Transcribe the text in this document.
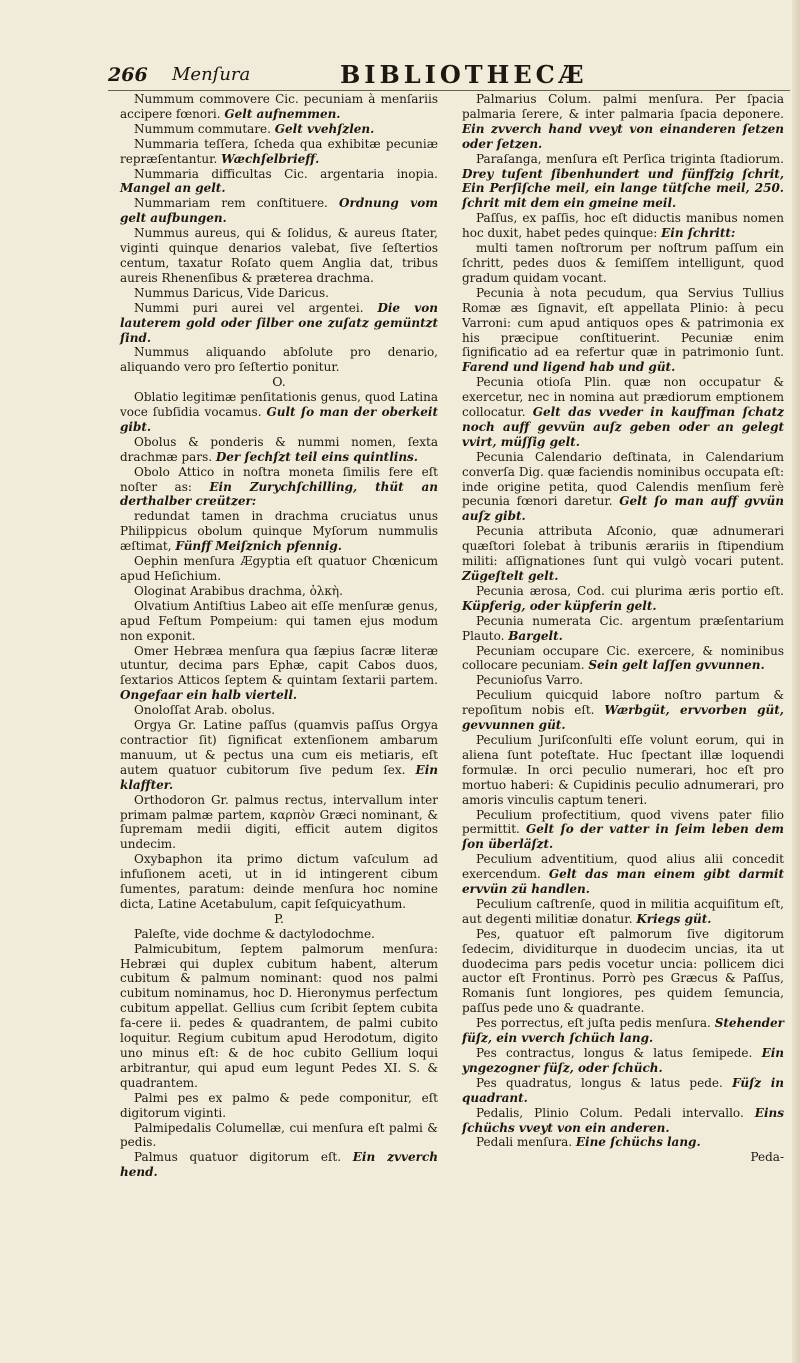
266 Menſura	BIBLIOTHECÆ

Nummum commovere Cic. pecuniam à menſariis accipere fœnori. Gelt aufnemmen.

Nummum commutare. Gelt vvehſzlen.

Nummaria teſſera, ſcheda qua exhibitæ pecuniæ repræſentantur. Wæchſelbrieff.

Nummaria difficultas Cic. argentaria inopia. Mangel an gelt.

Nummariam rem conſtituere. Ordnung vom gelt aufbungen.

Nummus aureus, qui & ſolidus, & aureus ſtater, viginti quinque denarios valebat, ſive ſeſtertios centum, taxatur Roſato quem Anglia dat, tribus aureis Rhenenſibus & præterea drachma.

Nummus Daricus, Vide Daricus.

Nummi puri aurei vel argentei. Die von lauterem gold oder ſilber one zuſatz gemüntzt ſind.

Nummus aliquando abſolute pro denario, aliquando vero pro ſeſtertio ponitur.

O.

Oblatio legitimæ penſitationis genus, quod Latina voce ſubſidia vocamus. Gult ſo man der oberkeit gibt.

Obolus & ponderis & nummi nomen, ſexta drachmæ pars. Der ſechſzt teil eins quintlins.

Obolo Attico in noſtra moneta ſimilis fere eſt noſter as: Ein Zurychſchilling, thüt an derthalber creützer:

redundat tamen in drachma cruciatus unus Philippicus obolum quinque Myſorum nummulis æſtimat, Fünff Meiſznich pfennig.

Oephin menſura Ægyptia eſt quatuor Chœnicum apud Heſichium.

Ologinat Arabibus drachma, ὁλκὴ.

Olvatium Antiſtius Labeo ait eſſe menſuræ genus, apud Feſtum Pompeium: qui tamen ejus modum non exponit.

Omer Hebræa menſura qua ſæpius ſacræ literæ utuntur, decima pars Ephæ, capit Cabos duos, ſextarios Atticos ſeptem & quintam ſextarii partem. Ongefaar ein halb viertell.

Onoloſſat Arab. obolus.

Orgya Gr. Latine paſſus (quamvis paſſus Orgya contractior ſit) ſignificat extenſionem ambarum manuum, ut & pectus una cum eis metiaris, eſt autem quatuor cubitorum ſive pedum ſex. Ein klaffter.

Orthodoron Gr. palmus rectus, intervallum inter primam palmæ partem, καρπὸν Græci nominant, & ſupremam medii digiti, efficit autem digitos undecim.

Oxybaphon ita primo dictum vaſculum ad infuſionem aceti, ut in id intingerent cibum ſumentes, paratum: deinde menſura hoc nomine dicta, Latine Acetabulum, capit ſeſquicyathum.

P.

Paleſte, vide dochme & dactylodochme.

Palmicubitum, ſeptem palmorum menſura: Hebræi qui duplex cubitum habent, alterum cubitum & palmum nominant: quod nos palmi cubitum nominamus, hoc D. Hieronymus perfectum cubitum appellat. Gellius cum ſcribit ſeptem cubita fa-cere ii. pedes & quadrantem, de palmi cubito loquitur. Regium cubitum apud Herodotum, digito uno minus eſt: & de hoc cubito Gellium loqui arbitrantur, qui apud eum legunt Pedes XI. S. & quadrantem.

Palmi pes ex palmo & pede componitur, eſt digitorum viginti.

Palmipedalis Columellæ, cui menſura eſt palmi & pedis.

Palmus quatuor digitorum eſt. Ein zvverch hend.

Palmarius Colum. palmi menſura. Per ſpacia palmaria ſerere, & inter palmaria ſpacia deponere. Ein zvverch hand vveyt von einanderen ſetzen oder ſetzen.

Paraſanga, menſura eſt Perſica triginta ſtadiorum. Drey tuſent ſibenhundert und fünffzig ſchrit, Ein Perſiſche meil, ein lange tütſche meil, 250. ſchrit mit dem ein gmeine meil.

Paſſus, ex paſſis, hoc eſt diductis manibus nomen hoc duxit, habet pedes quinque: Ein ſchritt:

multi tamen noſtrorum per noſtrum paſſum ein ſchritt, pedes duos & ſemiſſem intelligunt, quod gradum quidam vocant.

Pecunia à nota pecudum, qua Servius Tullius Romæ æs ſignavit, eſt appellata Plinio: à pecu Varroni: cum apud antiquos opes & patrimonia ex his præcipue conſtituerint. Pecuniæ enim ſignificatio ad ea refertur quæ in patrimonio ſunt. Farend und ligend hab und güt.

Pecunia otioſa Plin. quæ non occupatur & exercetur, nec in nomina aut prædiorum emptionem collocatur. Gelt das vveder in kauffman ſchatz noch auff gevvün auſz geben oder an gelegt vvirt, müſſig gelt.

Pecunia Calendario deſtinata, in Calendarium converſa Dig. quæ faciendis nominibus occupata eſt: inde origine petita, quod Calendis menſium ferè pecunia fœnori daretur. Gelt ſo man auff gvvün auſz gibt.

Pecunia attributa Aſconio, quæ adnumerari quæſtori ſolebat à tribunis ærariis in ſtipendium militi: aſſignationes ſunt qui vulgò vocari putent. Zügeſtelt gelt.

Pecunia ærosa, Cod. cui plurima æris portio eſt. Küpferig, oder küpferin gelt.

Pecunia numerata Cic. argentum præſentarium Plauto. Bargelt.

Pecuniam occupare Cic. exercere, & nominibus collocare pecuniam. Sein gelt laſſen gvvunnen.

Pecunioſus Varro.

Peculium quicquid labore noſtro partum & repoſitum nobis eſt. Wærbgüt, ervvorben güt, gevvunnen güt.

Peculium Juriſconſulti eſſe volunt eorum, qui in aliena ſunt poteſtate. Huc ſpectant illæ loquendi formulæ. In orci peculio numerari, hoc eſt pro mortuo haberi: & Cupidinis peculio adnumerari, pro amoris vinculis captum teneri.

Peculium profectitium, quod vivens pater filio permittit. Gelt ſo der vatter in ſeim leben dem ſon überläſzt.

Peculium adventitium, quod alius alii concedit exercendum. Gelt das man einem gibt darmit ervvün zü handlen.

Peculium caſtrenſe, quod in militia acquiſitum eſt, aut degenti militiæ donatur. Kriegs güt.

Pes, quatuor eſt palmorum ſive digitorum ſedecim, dividiturque in duodecim uncias, ita ut duodecima pars pedis vocetur uncia: pollicem dici auctor eſt Frontinus. Porrò pes Græcus & Paſſus, Romanis ſunt longiores, pes quidem ſemuncia, paſſus pede uno & quadrante.

Pes porrectus, eſt juſta pedis menſura. Stehender füſz, ein vverch ſchüch lang.

Pes contractus, longus & latus ſemipede. Ein yngezogner füſz, oder ſchüch.

Pes quadratus, longus & latus pede. Füſz in quadrant.

Pedalis, Plinio Colum. Pedali intervallo. Eins ſchüchs vveyt von ein anderen.

Pedali menſura. Eine ſchüchs lang.

Peda-
